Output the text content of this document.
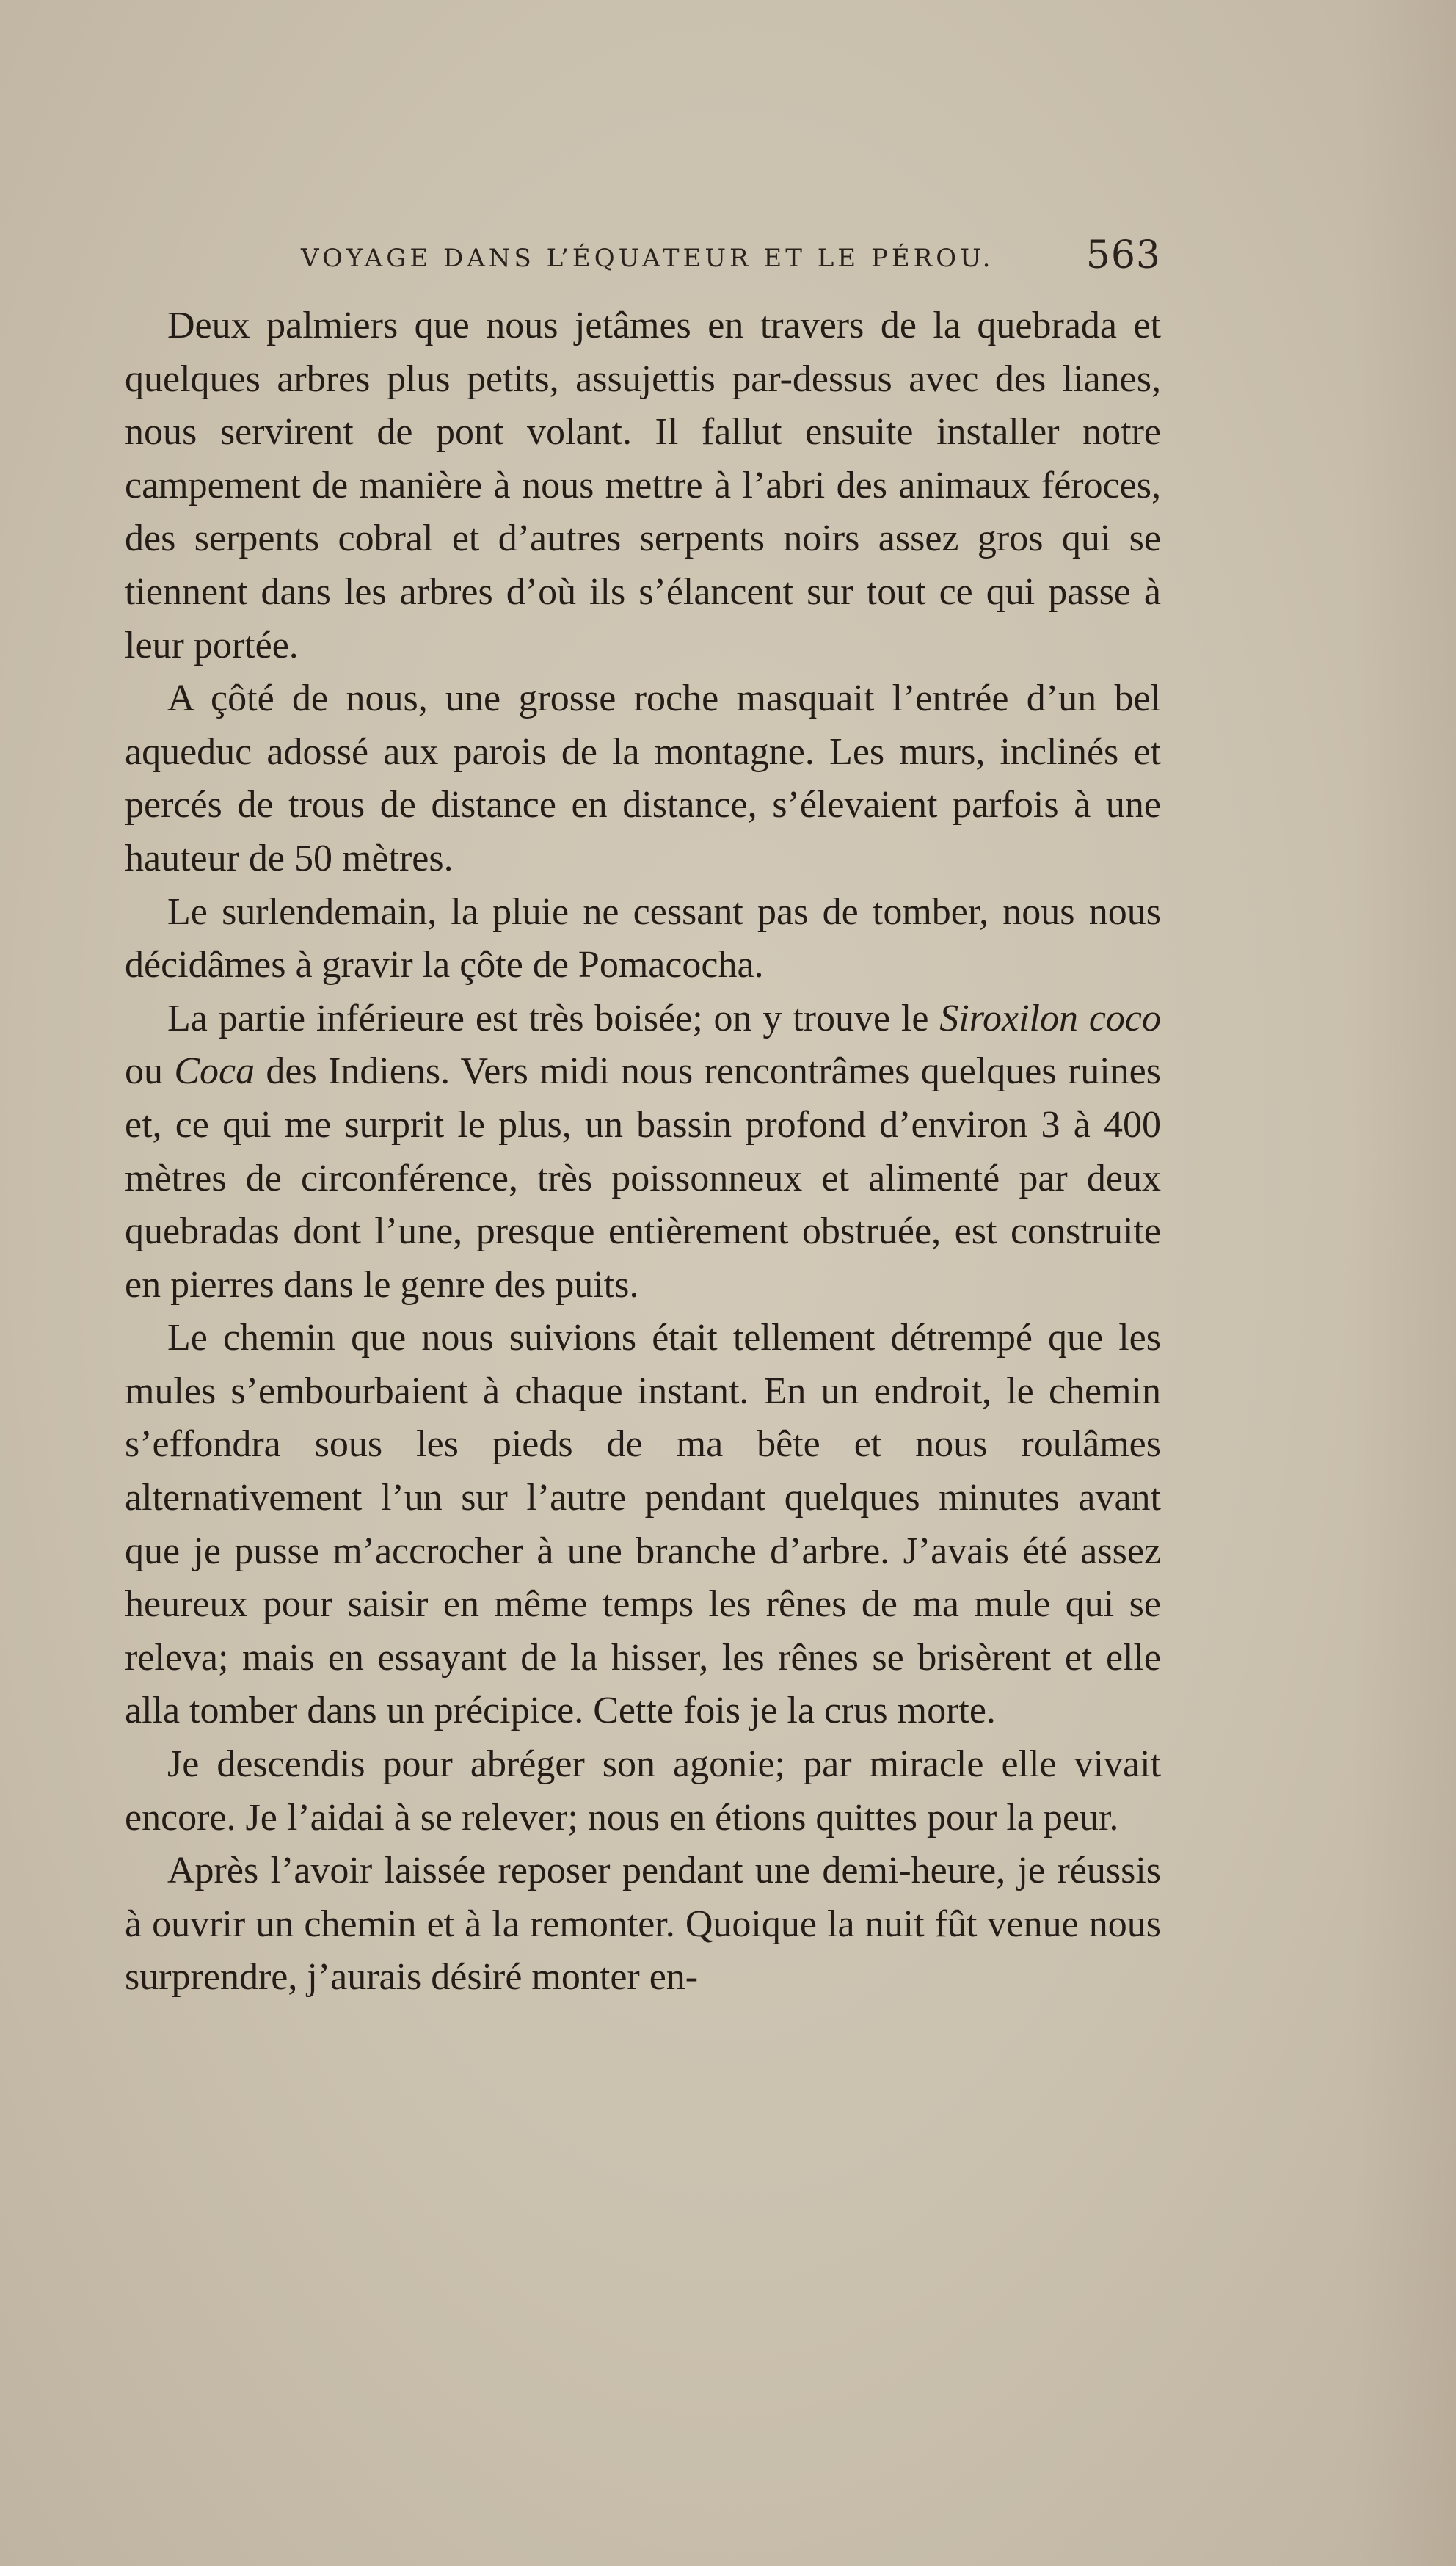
VOYAGE DANS L’ÉQUATEUR ET LE PÉROU. 563

Deux palmiers que nous jetâmes en travers de la quebrada et quelques arbres plus petits, assujettis par-dessus avec des lianes, nous servirent de pont volant. Il fallut ensuite installer notre campement de manière à nous mettre à l’abri des animaux féroces, des serpents cobral et d’autres serpents noirs assez gros qui se tiennent dans les arbres d’où ils s’élancent sur tout ce qui passe à leur portée.

A çôté de nous, une grosse roche masquait l’entrée d’un bel aqueduc adossé aux parois de la montagne. Les murs, inclinés et percés de trous de distance en distance, s’élevaient parfois à une hauteur de 50 mètres.

Le surlendemain, la pluie ne cessant pas de tomber, nous nous décidâmes à gravir la çôte de Pomacocha.

La partie inférieure est très boisée; on y trouve le Siroxilon coco ou Coca des Indiens. Vers midi nous rencontrâmes quelques ruines et, ce qui me surprit le plus, un bassin profond d’environ 3 à 400 mètres de circonférence, très poissonneux et alimenté par deux quebradas dont l’une, presque entièrement obstruée, est construite en pierres dans le genre des puits.

Le chemin que nous suivions était tellement détrempé que les mules s’embourbaient à chaque instant. En un endroit, le chemin s’effondra sous les pieds de ma bête et nous roulâmes alternativement l’un sur l’autre pendant quelques minutes avant que je pusse m’accrocher à une branche d’arbre. J’avais été assez heureux pour saisir en même temps les rênes de ma mule qui se releva; mais en essayant de la hisser, les rênes se brisèrent et elle alla tomber dans un précipice. Cette fois je la crus morte.

Je descendis pour abréger son agonie; par miracle elle vivait encore. Je l’aidai à se relever; nous en étions quittes pour la peur.

Après l’avoir laissée reposer pendant une demi-heure, je réussis à ouvrir un chemin et à la remonter. Quoique la nuit fût venue nous surprendre, j’aurais désiré monter en-
